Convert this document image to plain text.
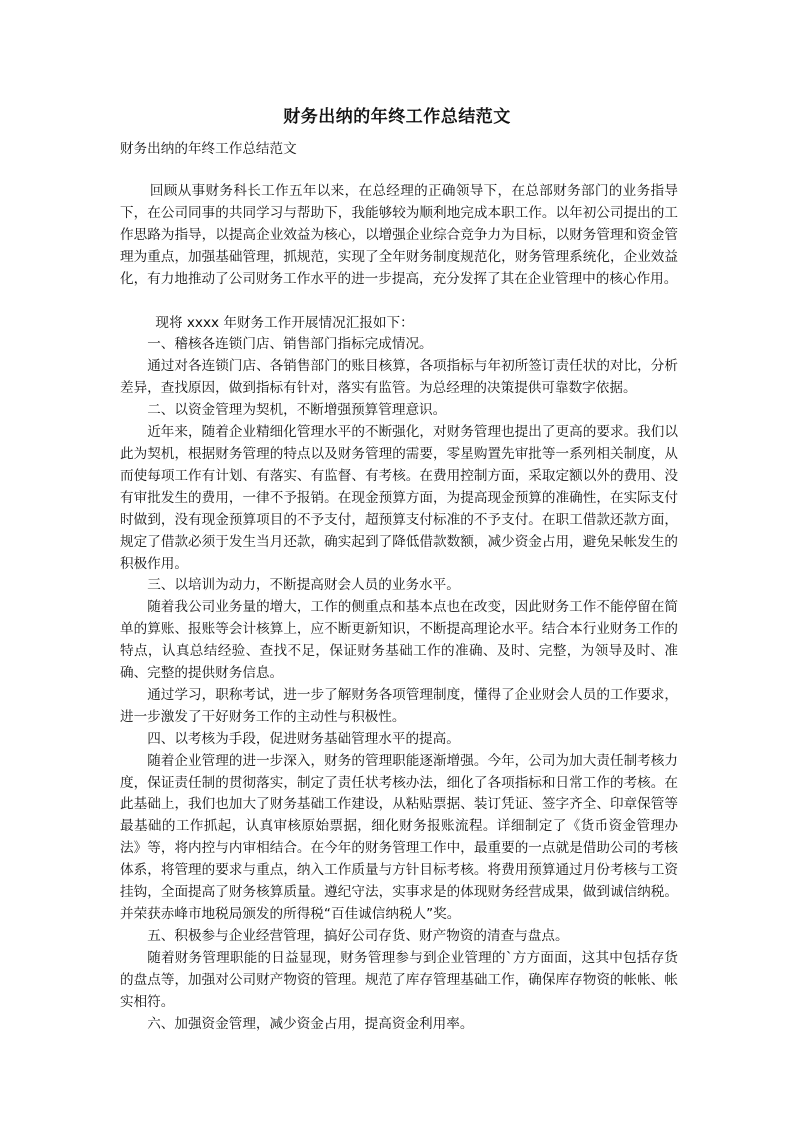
财务出纳的年终工作总结范文
财务出纳的年终工作总结范文

回顾从事财务科长工作五年以来，在总经理的正确领导下，在总部财务部门的业务指导下，在公司同事的共同学习与帮助下，我能够较为顺利地完成本职工作。以年初公司提出的工作思路为指导，以提高企业效益为核心，以增强企业综合竞争力为目标，以财务管理和资金管理为重点，加强基础管理，抓规范，实现了全年财务制度规范化，财务管理系统化，企业效益化，有力地推动了公司财务工作水平的进一步提高，充分发挥了其在企业管理中的核心作用。

现将 xxxx 年财务工作开展情况汇报如下：

一、稽核各连锁门店、销售部门指标完成情况。

通过对各连锁门店、各销售部门的账目核算，各项指标与年初所签订责任状的对比，分析差异，查找原因，做到指标有针对，落实有监管。为总经理的决策提供可靠数字依据。

二、以资金管理为契机，不断增强预算管理意识。

近年来，随着企业精细化管理水平的不断强化，对财务管理也提出了更高的要求。我们以此为契机，根据财务管理的特点以及财务管理的需要，零星购置先审批等一系列相关制度，从而使每项工作有计划、有落实、有监督、有考核。在费用控制方面，采取定额以外的费用、没有审批发生的费用，一律不予报销。在现金预算方面，为提高现金预算的准确性，在实际支付时做到，没有现金预算项目的不予支付，超预算支付标准的不予支付。在职工借款还款方面，规定了借款必须于发生当月还款，确实起到了降低借款数额，减少资金占用，避免呆帐发生的积极作用。

三、以培训为动力，不断提高财会人员的业务水平。

随着我公司业务量的增大，工作的侧重点和基本点也在改变，因此财务工作不能停留在简单的算账、报账等会计核算上，应不断更新知识，不断提高理论水平。结合本行业财务工作的特点，认真总结经验、查找不足，保证财务基础工作的准确、及时、完整，为领导及时、准确、完整的提供财务信息。

通过学习，职称考试，进一步了解财务各项管理制度，懂得了企业财会人员的工作要求，进一步激发了干好财务工作的主动性与积极性。

四、以考核为手段，促进财务基础管理水平的提高。

随着企业管理的进一步深入，财务的管理职能逐渐增强。今年，公司为加大责任制考核力度，保证责任制的贯彻落实，制定了责任状考核办法，细化了各项指标和日常工作的考核。在此基础上，我们也加大了财务基础工作建设，从粘贴票据、装订凭证、签字齐全、印章保管等最基础的工作抓起，认真审核原始票据，细化财务报账流程。详细制定了《货币资金管理办法》等，将内控与内审相结合。在今年的财务管理工作中，最重要的一点就是借助公司的考核体系，将管理的要求与重点，纳入工作质量与方针目标考核。将费用预算通过月份考核与工资挂钩，全面提高了财务核算质量。遵纪守法，实事求是的体现财务经营成果，做到诚信纳税。并荣获赤峰市地税局颁发的所得税“百佳诚信纳税人”奖。

五、积极参与企业经营管理，搞好公司存货、财产物资的清查与盘点。

随着财务管理职能的日益显现，财务管理参与到企业管理的`方方面面，这其中包括存货的盘点等，加强对公司财产物资的管理。规范了库存管理基础工作，确保库存物资的帐帐、帐实相符。

六、加强资金管理，减少资金占用，提高资金利用率。
